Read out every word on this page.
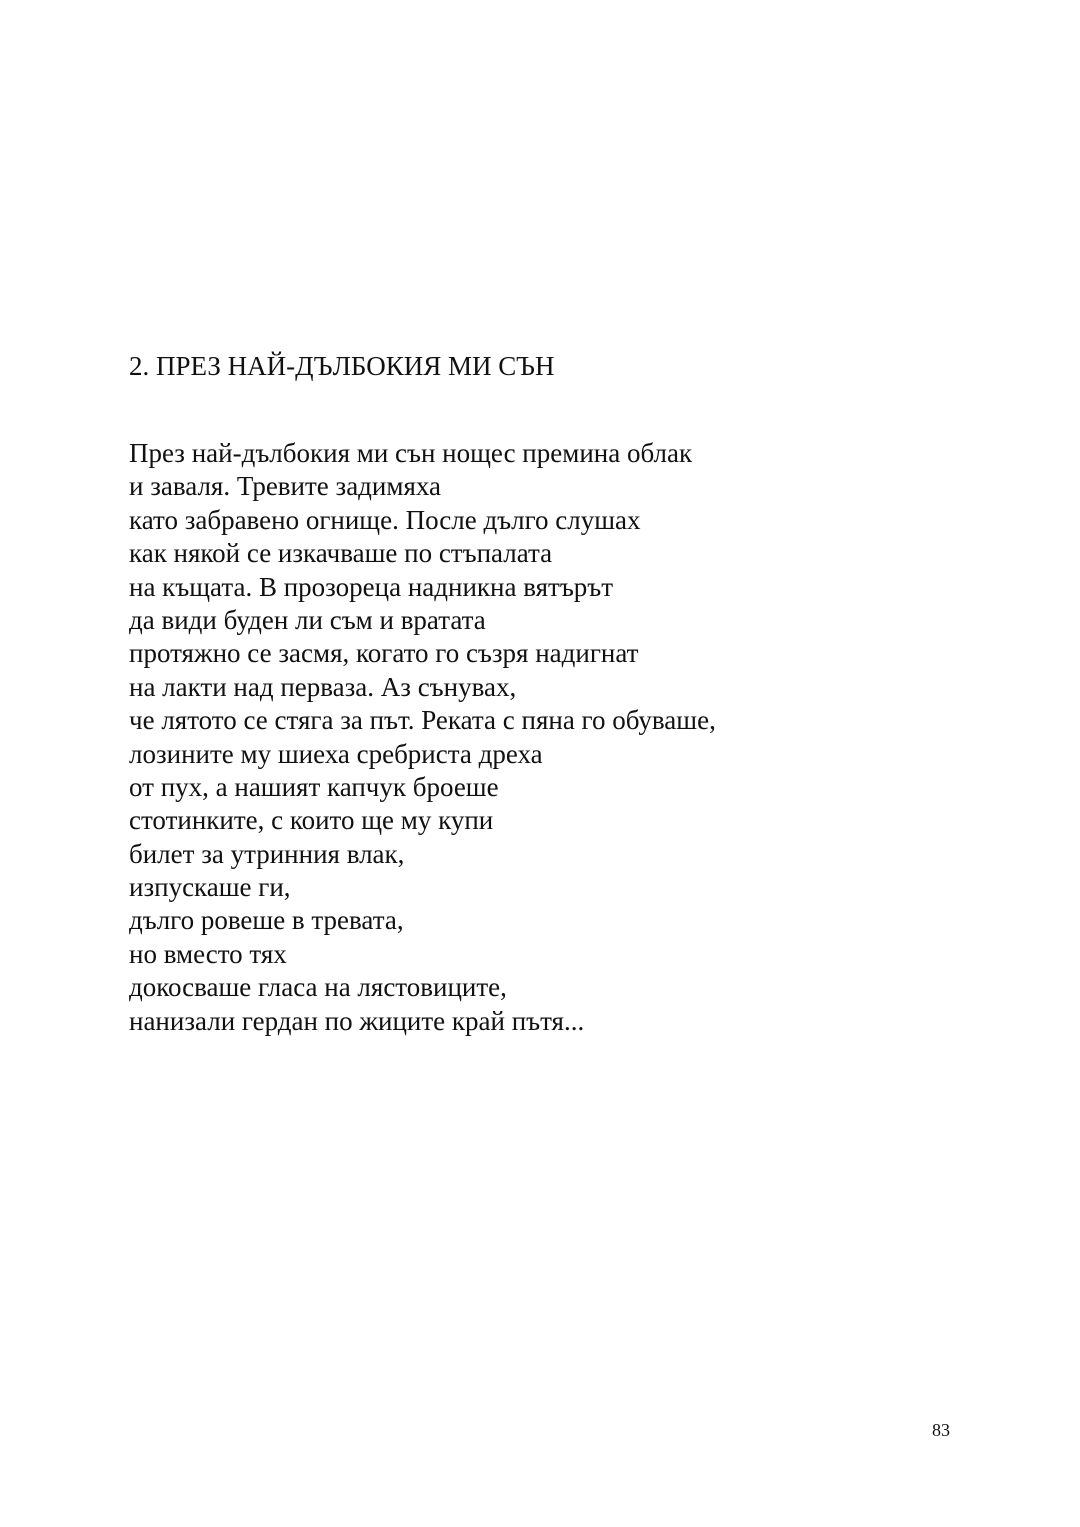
2. ПРЕЗ НАЙ-ДЪЛБОКИЯ МИ СЪН
През най-дълбокия ми сън нощес премина облак
и заваля. Тревите задимяха
като забравено огнище. После дълго слушах
как някой се изкачваше по стъпалата
на къщата. В прозореца надникна вятърът
да види буден ли съм и вратата
протяжно се засмя, когато го съзря надигнат
на лакти над перваза. Аз сънувах,
че лятото се стяга за път. Реката с пяна го обуваше,
лозините му шиеха сребриста дреха
от пух, а нашият капчук броеше
стотинките, с които ще му купи
билет за утринния влак,
изпускаше ги,
дълго ровеше в тревата,
но вместо тях
докосваше гласа на лястовиците,
нанизали гердан по жиците край пътя...
83
